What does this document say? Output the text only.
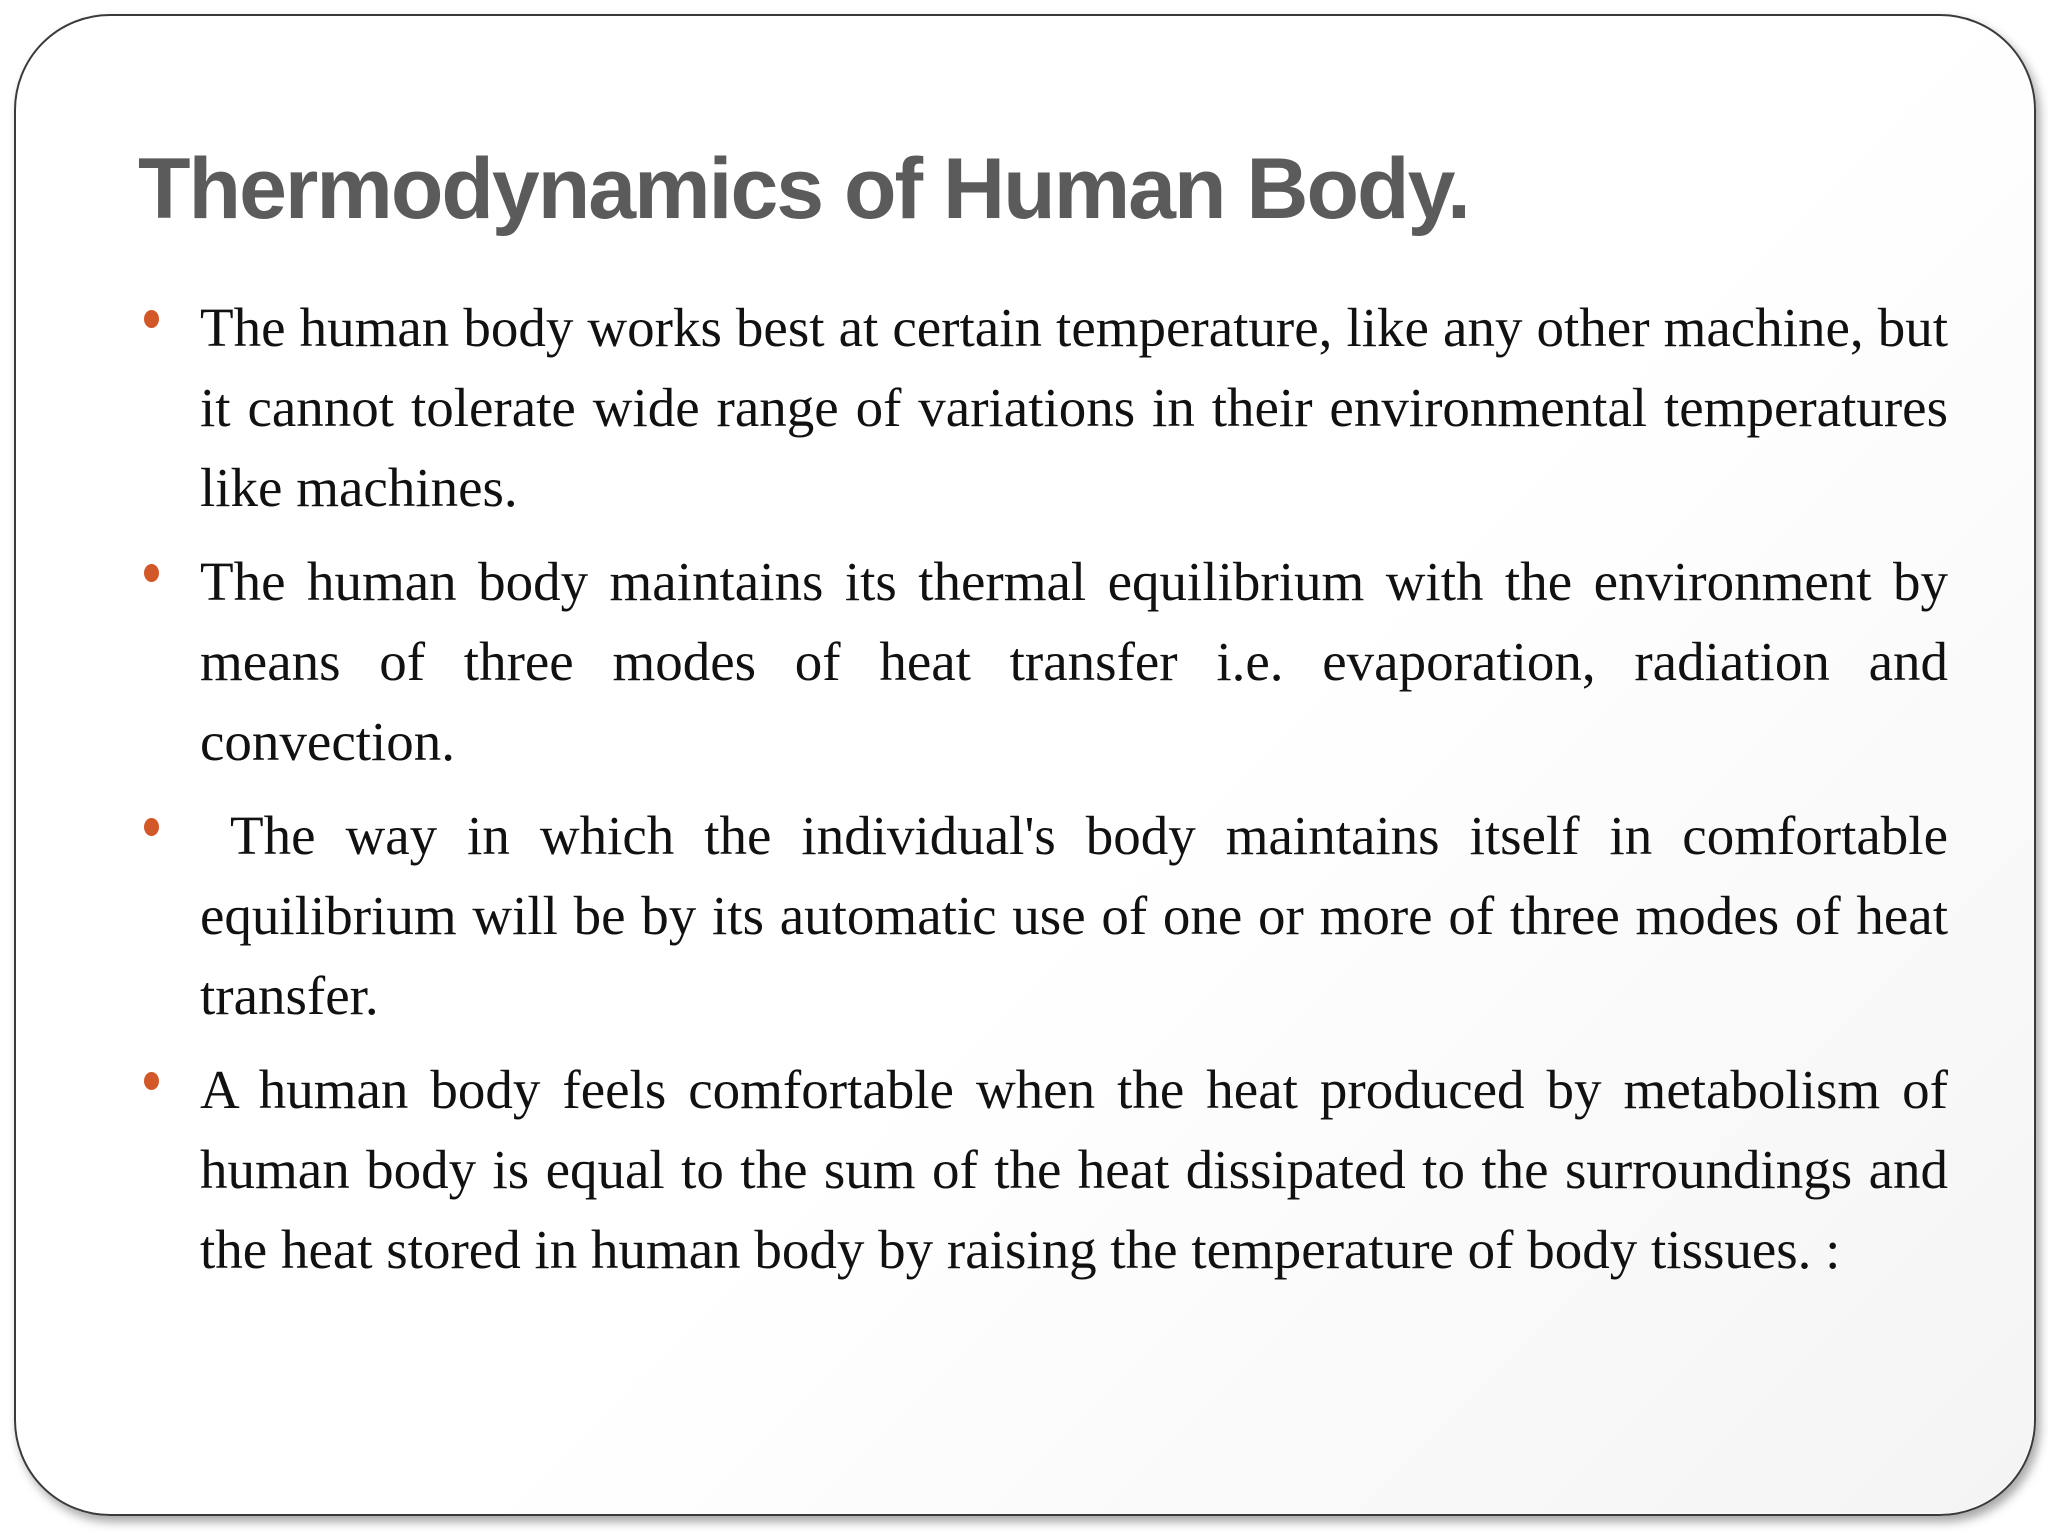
Thermodynamics of Human Body.
The human body works best at certain temperature, like any other machine, but it cannot tolerate wide range of variations in their environmental temperatures like machines.
The human body maintains its thermal equilibrium with the environment by means of three modes of heat transfer i.e. evaporation, radiation and convection.
The way in which the individual's body maintains itself in comfortable equilibrium will be by its automatic use of one or more of three modes of heat transfer.
A human body feels comfortable when the heat produced by metabolism of human body is equal to the sum of the heat dissipated to the surroundings and the heat stored in human body by raising the temperature of body tissues. :
